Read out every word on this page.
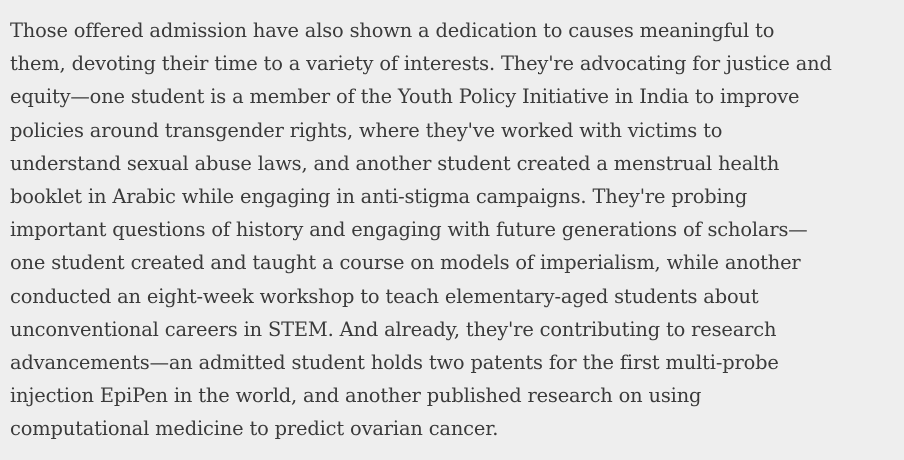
Those offered admission have also shown a dedication to causes meaningful to
them, devoting their time to a variety of interests. They're advocating for justice and
equity—one student is a member of the Youth Policy Initiative in India to improve
policies around transgender rights, where they've worked with victims to
understand sexual abuse laws, and another student created a menstrual health
booklet in Arabic while engaging in anti-stigma campaigns. They're probing
important questions of history and engaging with future generations of scholars—
one student created and taught a course on models of imperialism, while another
conducted an eight-week workshop to teach elementary-aged students about
unconventional careers in STEM. And already, they're contributing to research
advancements—an admitted student holds two patents for the first multi-probe
injection EpiPen in the world, and another published research on using
computational medicine to predict ovarian cancer.
